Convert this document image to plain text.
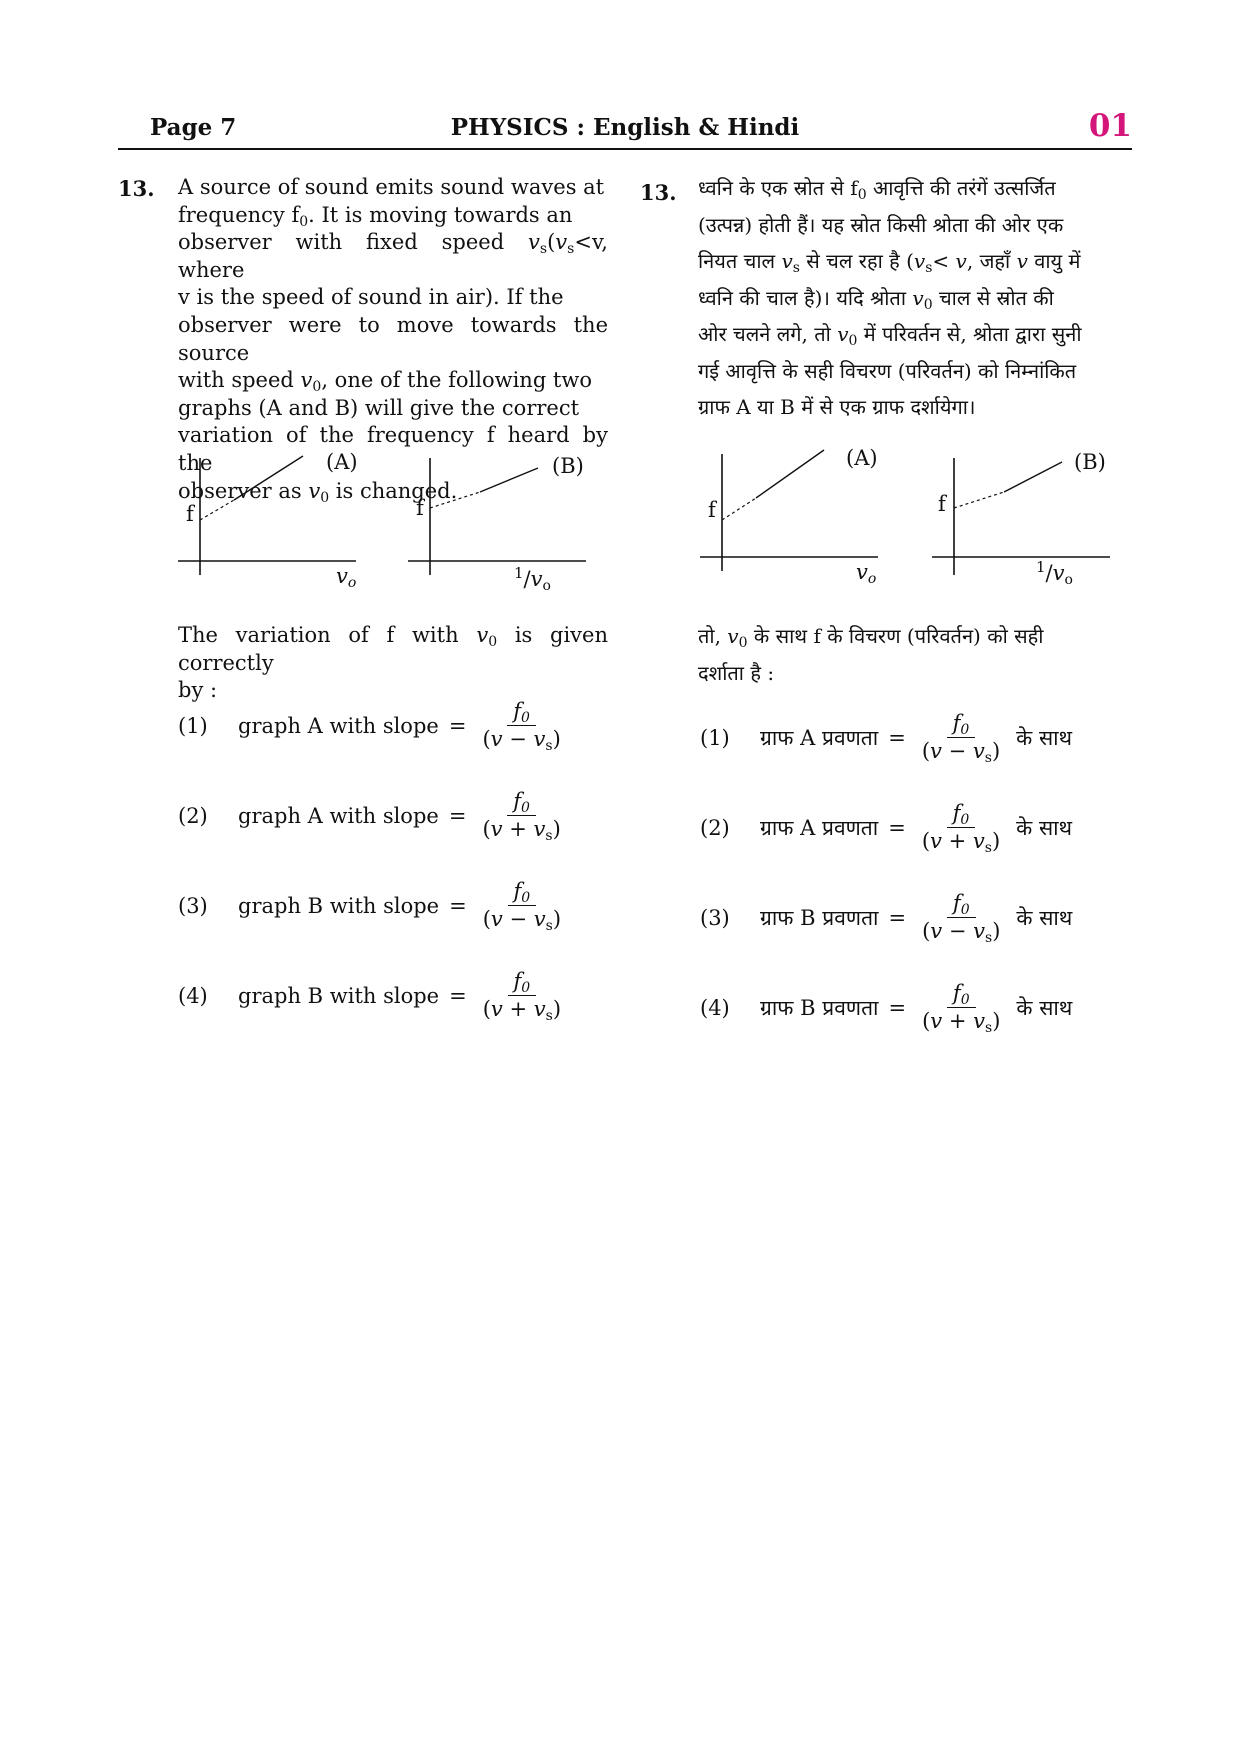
Page 7	PHYSICS : English & Hindi	01
13. A source of sound emits sound waves at
frequency $f_0$. It is moving towards an
observer with fixed speed $v_s(v_s<v$, where
v is the speed of sound in air). If the
observer were to move towards the source
with speed $v_0$, one of the following two
graphs (A and B) will give the correct
variation of the frequency f heard by the
observer as $v_0$ is changed.
(A)
f
$v_o$
(B)
f
$^1/v_o$
The variation of f with $v_0$ is given correctly
by :
(1)	graph A with slope = $\frac{f_0}{(v - v_s)}$
(2)	graph A with slope = $\frac{f_0}{(v + v_s)}$
(3)	graph B with slope = $\frac{f_0}{(v - v_s)}$
(4)	graph B with slope = $\frac{f_0}{(v + v_s)}$
13. ध्वनि के एक स्रोत से $f_0$ आवृत्ति की तरंगें उत्सर्जित
(उत्पन्न) होती हैं। यह स्रोत किसी श्रोता की ओर एक
नियत चाल $v_s$ से चल रहा है ($v_s< v$, जहाँ v वायु में
ध्वनि की चाल है)। यदि श्रोता $v_0$ चाल से स्रोत की
ओर चलने लगे, तो $v_0$ में परिवर्तन से, श्रोता द्वारा सुनी
गई आवृत्ति के सही विचरण (परिवर्तन) को निम्नांकित
ग्राफ A या B में से एक ग्राफ दर्शायेगा।
(A)
f
$v_o$
(B)
f
$^1/v_o$
तो, $v_0$ के साथ f के विचरण (परिवर्तन) को सही
दर्शाता है :
(1)	ग्राफ A प्रवणता = $\frac{f_0}{(v - v_s)}$ के साथ
(2)	ग्राफ A प्रवणता = $\frac{f_0}{(v + v_s)}$ के साथ
(3)	ग्राफ B प्रवणता = $\frac{f_0}{(v - v_s)}$ के साथ
(4)	ग्राफ B प्रवणता = $\frac{f_0}{(v + v_s)}$ के साथ
